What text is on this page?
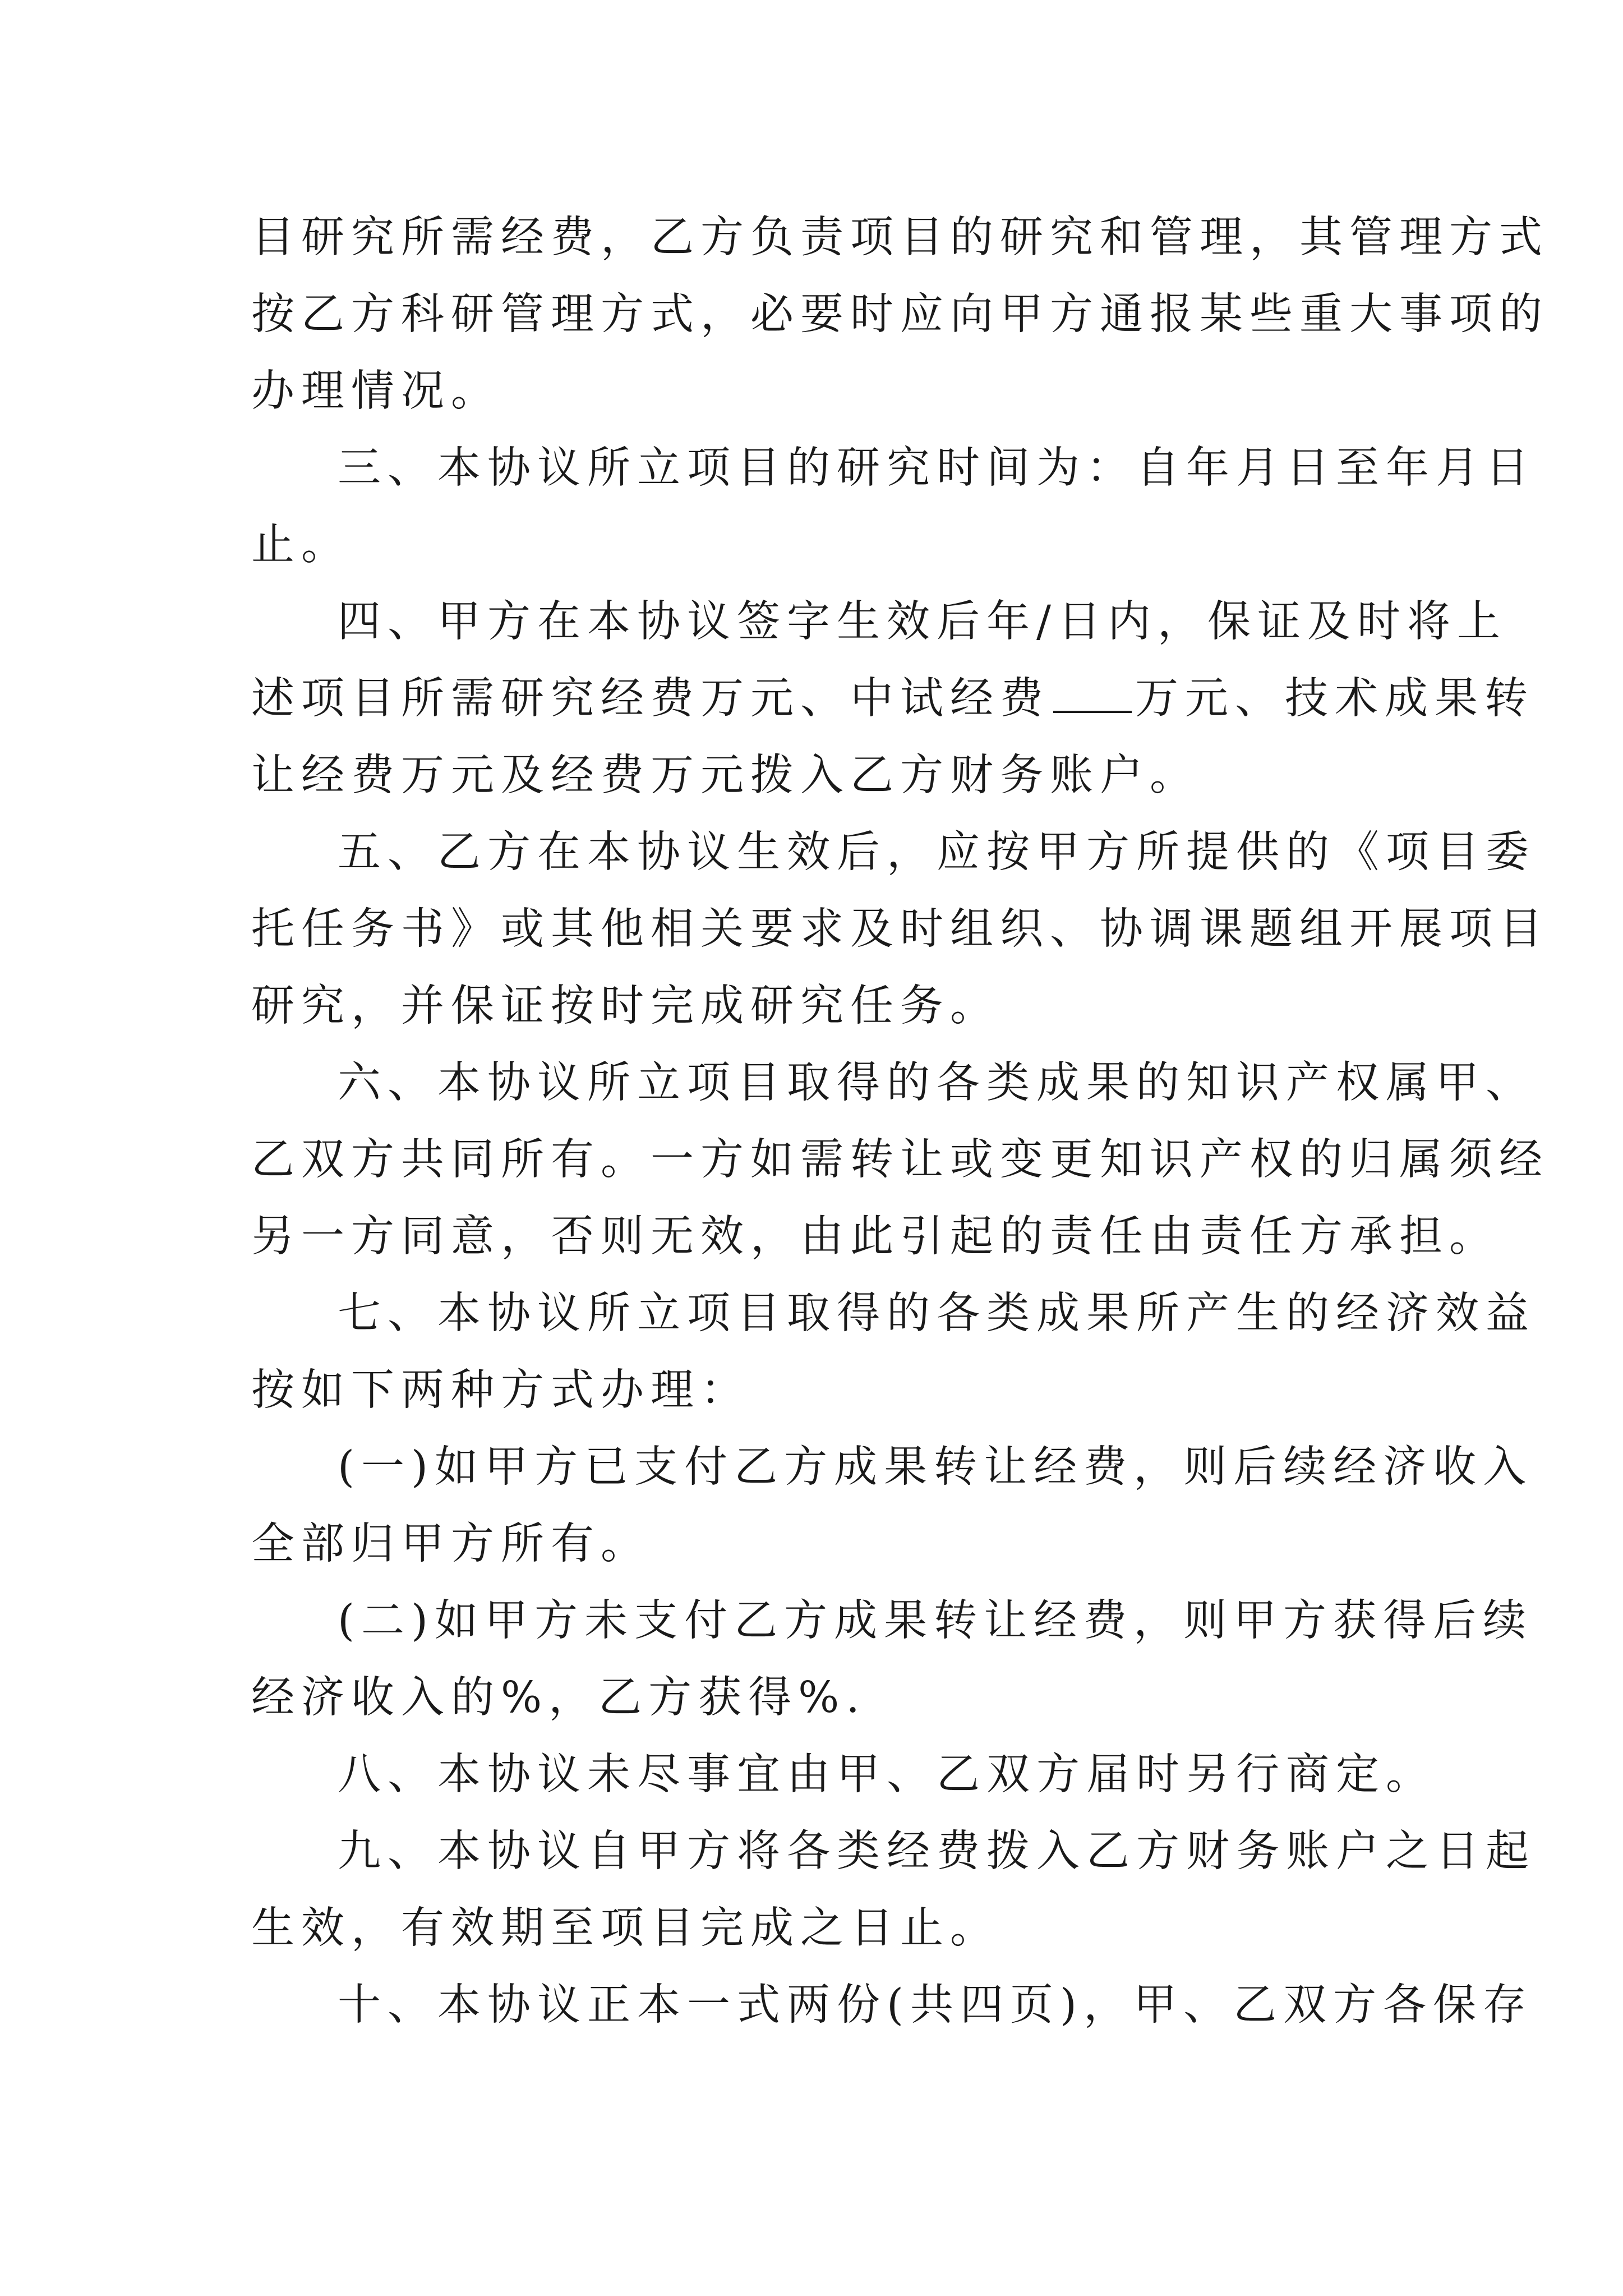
目研究所需经费，乙方负责项目的研究和管理，其管理方式
按乙方科研管理方式，必要时应向甲方通报某些重大事项的
办理情况。
三、本协议所立项目的研究时间为：自年月日至年月日
止。
四、甲方在本协议签字生效后年/日内，保证及时将上
述项目所需研究经费万元、中试经费 万元、技术成果转
让经费万元及经费万元拨入乙方财务账户。
五、乙方在本协议生效后，应按甲方所提供的《项目委
托任务书》或其他相关要求及时组织、协调课题组开展项目
研究，并保证按时完成研究任务。
六、本协议所立项目取得的各类成果的知识产权属甲、
乙双方共同所有。一方如需转让或变更知识产权的归属须经
另一方同意，否则无效，由此引起的责任由责任方承担。
七、本协议所立项目取得的各类成果所产生的经济效益
按如下两种方式办理：
(一)如甲方已支付乙方成果转让经费，则后续经济收入
全部归甲方所有。
(二)如甲方未支付乙方成果转让经费，则甲方获得后续
经济收入的%，乙方获得%.
八、本协议未尽事宜由甲、乙双方届时另行商定。
九、本协议自甲方将各类经费拨入乙方财务账户之日起
生效，有效期至项目完成之日止。
十、本协议正本一式两份(共四页)，甲、乙双方各保存
